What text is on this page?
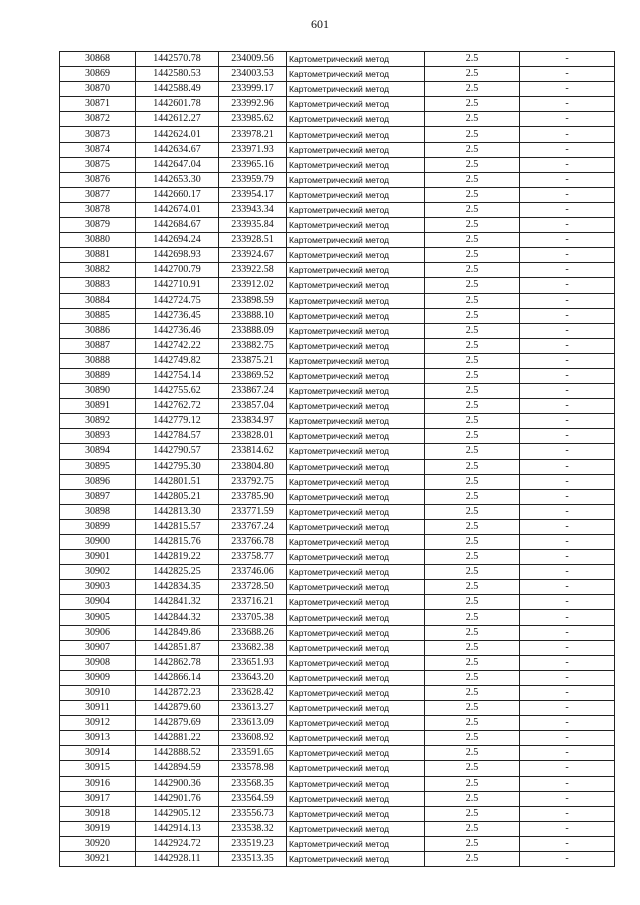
601
30868	1442570.78	234009.56	Картометрический метод	2.5	-
30869	1442580.53	234003.53	Картометрический метод	2.5	-
30870	1442588.49	233999.17	Картометрический метод	2.5	-
30871	1442601.78	233992.96	Картометрический метод	2.5	-
30872	1442612.27	233985.62	Картометрический метод	2.5	-
30873	1442624.01	233978.21	Картометрический метод	2.5	-
30874	1442634.67	233971.93	Картометрический метод	2.5	-
30875	1442647.04	233965.16	Картометрический метод	2.5	-
30876	1442653.30	233959.79	Картометрический метод	2.5	-
30877	1442660.17	233954.17	Картометрический метод	2.5	-
30878	1442674.01	233943.34	Картометрический метод	2.5	-
30879	1442684.67	233935.84	Картометрический метод	2.5	-
30880	1442694.24	233928.51	Картометрический метод	2.5	-
30881	1442698.93	233924.67	Картометрический метод	2.5	-
30882	1442700.79	233922.58	Картометрический метод	2.5	-
30883	1442710.91	233912.02	Картометрический метод	2.5	-
30884	1442724.75	233898.59	Картометрический метод	2.5	-
30885	1442736.45	233888.10	Картометрический метод	2.5	-
30886	1442736.46	233888.09	Картометрический метод	2.5	-
30887	1442742.22	233882.75	Картометрический метод	2.5	-
30888	1442749.82	233875.21	Картометрический метод	2.5	-
30889	1442754.14	233869.52	Картометрический метод	2.5	-
30890	1442755.62	233867.24	Картометрический метод	2.5	-
30891	1442762.72	233857.04	Картометрический метод	2.5	-
30892	1442779.12	233834.97	Картометрический метод	2.5	-
30893	1442784.57	233828.01	Картометрический метод	2.5	-
30894	1442790.57	233814.62	Картометрический метод	2.5	-
30895	1442795.30	233804.80	Картометрический метод	2.5	-
30896	1442801.51	233792.75	Картометрический метод	2.5	-
30897	1442805.21	233785.90	Картометрический метод	2.5	-
30898	1442813.30	233771.59	Картометрический метод	2.5	-
30899	1442815.57	233767.24	Картометрический метод	2.5	-
30900	1442815.76	233766.78	Картометрический метод	2.5	-
30901	1442819.22	233758.77	Картометрический метод	2.5	-
30902	1442825.25	233746.06	Картометрический метод	2.5	-
30903	1442834.35	233728.50	Картометрический метод	2.5	-
30904	1442841.32	233716.21	Картометрический метод	2.5	-
30905	1442844.32	233705.38	Картометрический метод	2.5	-
30906	1442849.86	233688.26	Картометрический метод	2.5	-
30907	1442851.87	233682.38	Картометрический метод	2.5	-
30908	1442862.78	233651.93	Картометрический метод	2.5	-
30909	1442866.14	233643.20	Картометрический метод	2.5	-
30910	1442872.23	233628.42	Картометрический метод	2.5	-
30911	1442879.60	233613.27	Картометрический метод	2.5	-
30912	1442879.69	233613.09	Картометрический метод	2.5	-
30913	1442881.22	233608.92	Картометрический метод	2.5	-
30914	1442888.52	233591.65	Картометрический метод	2.5	-
30915	1442894.59	233578.98	Картометрический метод	2.5	-
30916	1442900.36	233568.35	Картометрический метод	2.5	-
30917	1442901.76	233564.59	Картометрический метод	2.5	-
30918	1442905.12	233556.73	Картометрический метод	2.5	-
30919	1442914.13	233538.32	Картометрический метод	2.5	-
30920	1442924.72	233519.23	Картометрический метод	2.5	-
30921	1442928.11	233513.35	Картометрический метод	2.5	-
